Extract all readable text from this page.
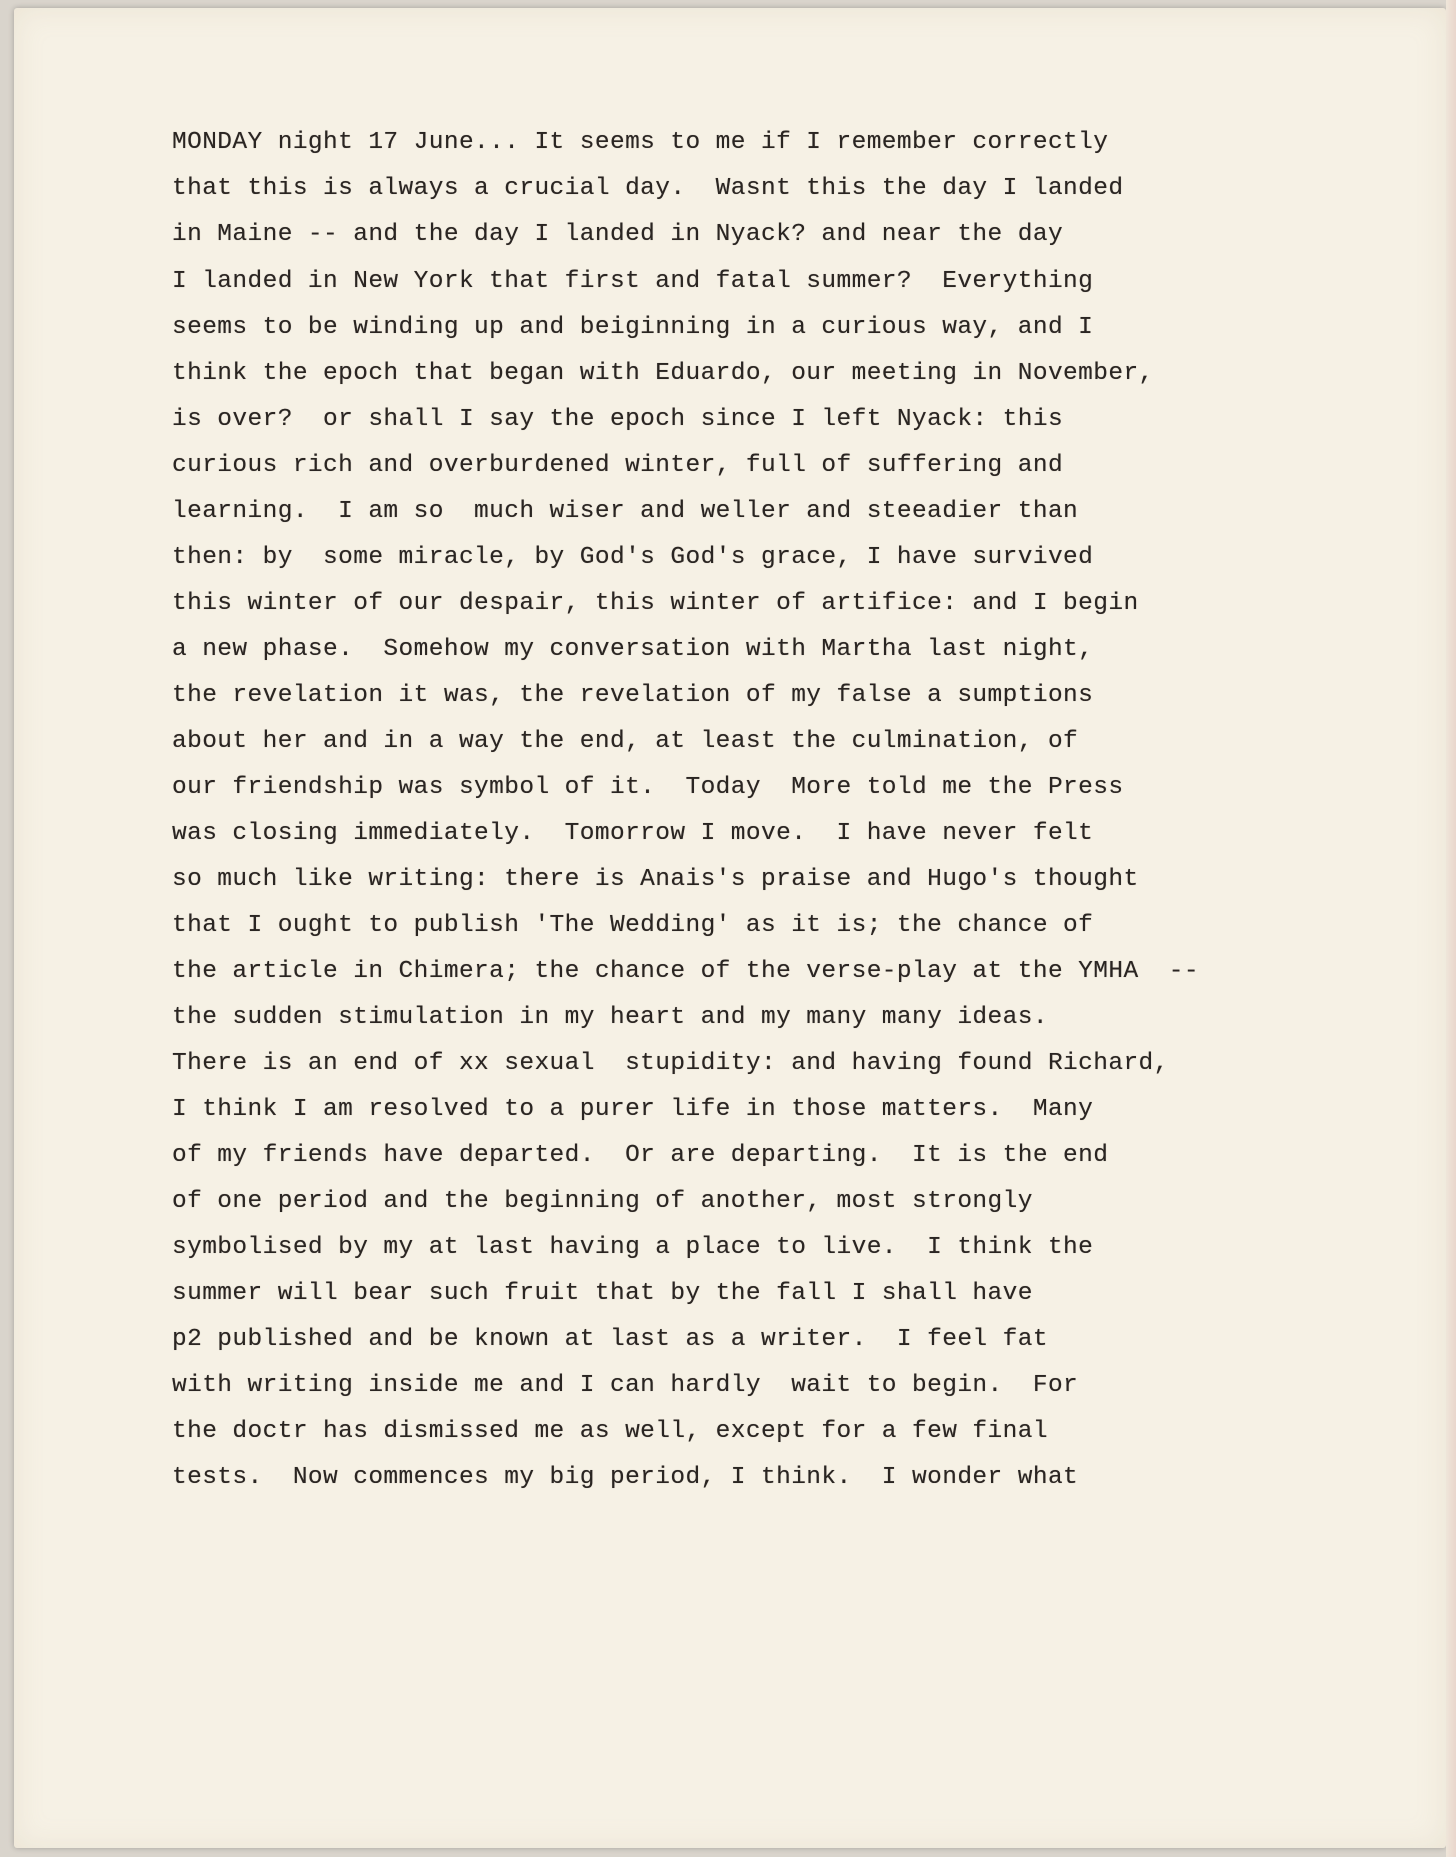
MONDAY night 17 June... It seems to me if I remember correctly
that this is always a crucial day.  Wasnt this the day I landed
in Maine -- and the day I landed in Nyack? and near the day
I landed in New York that first and fatal summer?  Everything
seems to be winding up and beiginning in a curious way, and I
think the epoch that began with Eduardo, our meeting in November,
is over?  or shall I say the epoch since I left Nyack: this
curious rich and overburdened winter, full of suffering and
learning.  I am so  much wiser and weller and steeadier than
then: by  some miracle, by God's God's grace, I have survived
this winter of our despair, this winter of artifice: and I begin
a new phase.  Somehow my conversation with Martha last night,
the revelation it was, the revelation of my false a sumptions
about her and in a way the end, at least the culmination, of
our friendship was symbol of it.  Today  More told me the Press
was closing immediately.  Tomorrow I move.  I have never felt
so much like writing: there is Anais's praise and Hugo's thought
that I ought to publish 'The Wedding' as it is; the chance of
the article in Chimera; the chance of the verse-play at the YMHA  --
the sudden stimulation in my heart and my many many ideas.
There is an end of xx sexual  stupidity: and having found Richard,
I think I am resolved to a purer life in those matters.  Many
of my friends have departed.  Or are departing.  It is the end
of one period and the beginning of another, most strongly
symbolised by my at last having a place to live.  I think the
summer will bear such fruit that by the fall I shall have
p2 published and be known at last as a writer.  I feel fat
with writing inside me and I can hardly  wait to begin.  For
the doctr has dismissed me as well, except for a few final
tests.  Now commences my big period, I think.  I wonder what
